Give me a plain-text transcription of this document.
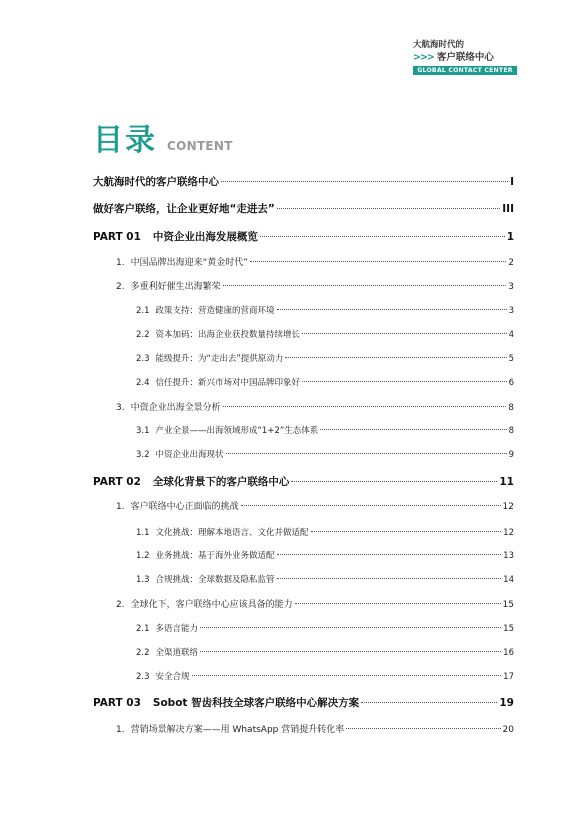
大航海时代的
>>> 客户联络中心
GLOBAL CONTACT CENTER
目录 CONTENT
大航海时代的客户联络中心	I
做好客户联络，让企业更好地“走进去”	III
PART 01 中资企业出海发展概览	1
1. 中国品牌出海迎来“黄金时代”	2
2. 多重利好催生出海繁荣	3
2.1 政策支持：营造健康的营商环境	3
2.2 资本加码：出海企业获投数量持续增长	4
2.3 能级提升：为“走出去”提供原动力	5
2.4 信任提升：新兴市场对中国品牌印象好	6
3. 中资企业出海全景分析	8
3.1 产业全景——出海领域形成“1+2”生态体系	8
3.2 中资企业出海现状	9
PART 02 全球化背景下的客户联络中心	11
1. 客户联络中心正面临的挑战	12
1.1 文化挑战：理解本地语言、文化并做适配	12
1.2 业务挑战：基于海外业务做适配	13
1.3 合规挑战：全球数据及隐私监管	14
2. 全球化下，客户联络中心应该具备的能力	15
2.1 多语言能力	15
2.2 全渠道联络	16
2.3 安全合规	17
PART 03 Sobot 智齿科技全球客户联络中心解决方案	19
1. 营销场景解决方案——用 WhatsApp 营销提升转化率	20
